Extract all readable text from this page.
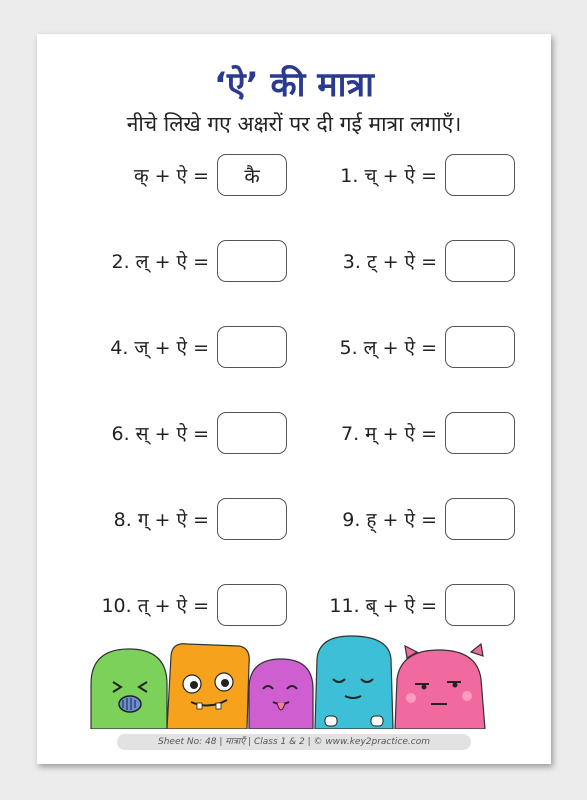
‘ऐ’ की मात्रा
नीचे लिखे गए अक्षरों पर दी गई मात्रा लगाएँ।
क् + ऐ =	कै	1. च् + ऐ =
2. ल् + ऐ =	3. ट् + ऐ =
4. ज् + ऐ =	5. ल् + ऐ =
6. स् + ऐ =	7. म् + ऐ =
8. ग् + ऐ =	9. ह् + ऐ =
10. त् + ऐ =	11. ब् + ऐ =
Sheet No: 48 | मात्राएँ | Class 1 & 2 | © www.key2practice.com
